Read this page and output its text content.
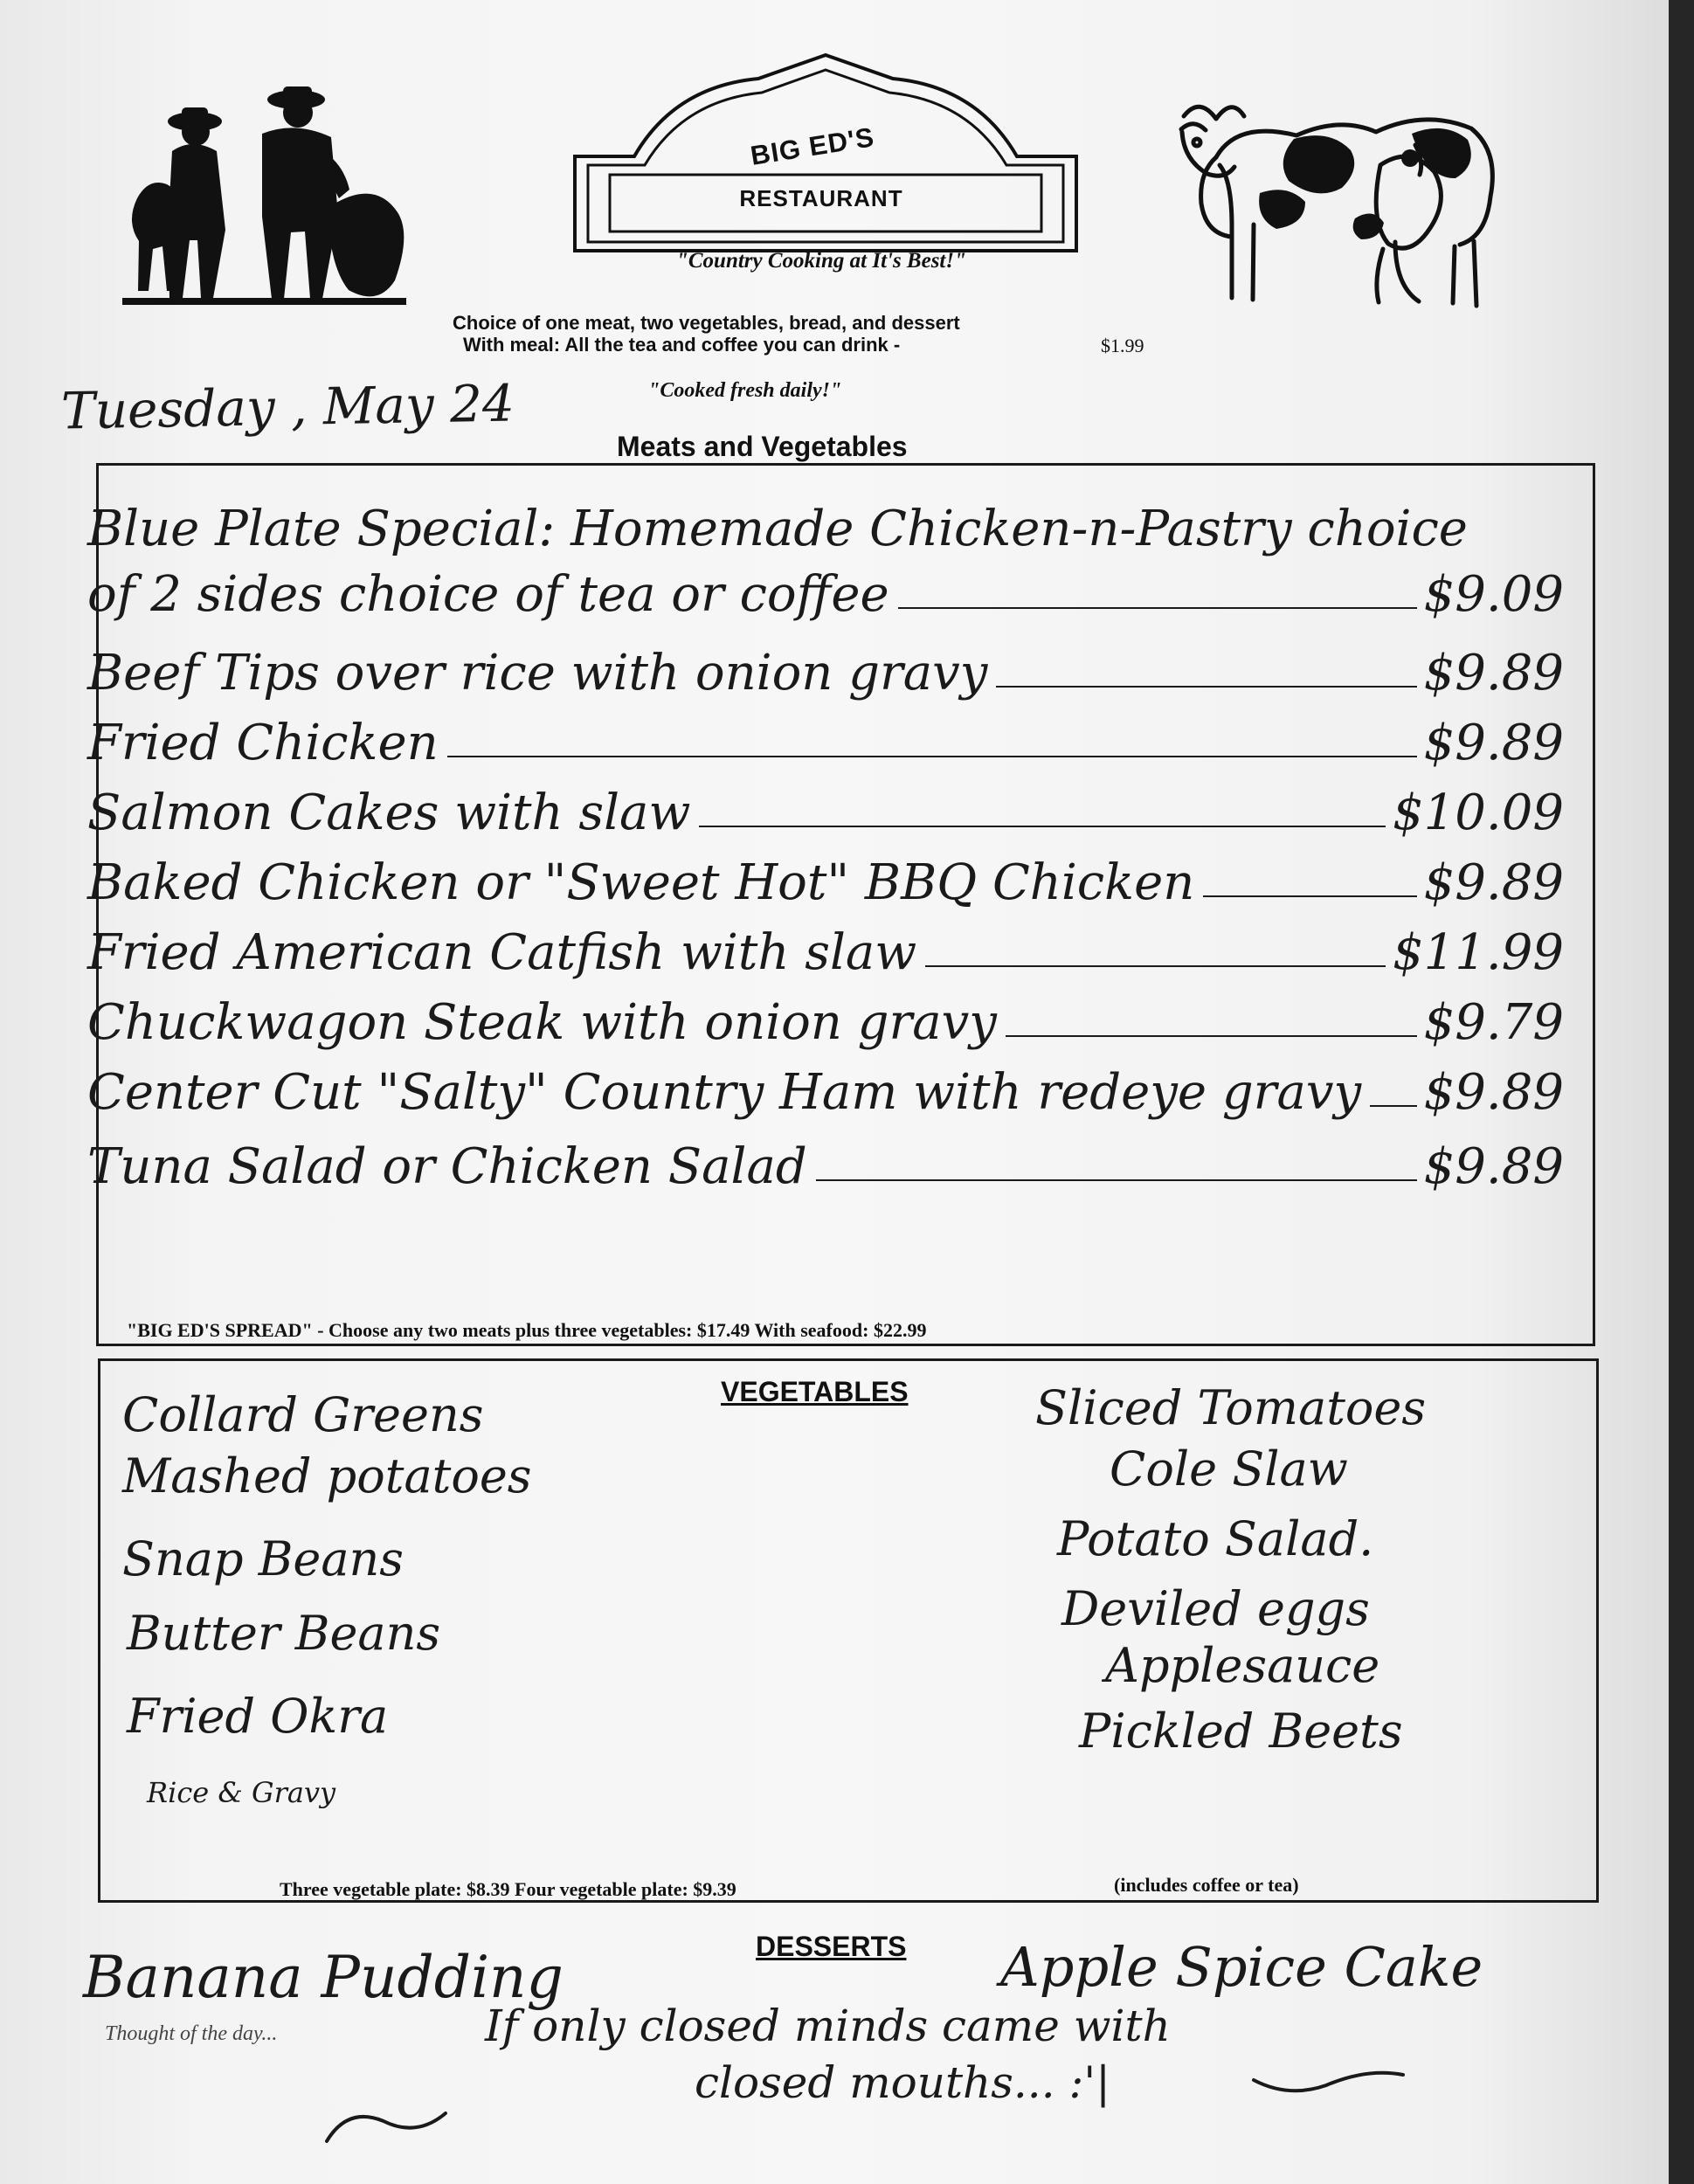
BIG ED'S
RESTAURANT
"Country Cooking at It's Best!"
Choice of one meat, two vegetables, bread, and dessert
With meal: All the tea and coffee you can drink -	$1.99
Tuesday , May 24	"Cooked fresh daily!"
Meats and Vegetables
Blue Plate Special: Homemade Chicken-n-Pastry choice
of 2 sides choice of tea or coffee	$9.09
Beef Tips over rice with onion gravy	$9.89
Fried Chicken	$9.89
Salmon Cakes with slaw	$10.09
Baked Chicken or "Sweet Hot" BBQ Chicken	$9.89
Fried American Catfish with slaw	$11.99
Chuckwagon Steak with onion gravy	$9.79
Center Cut "Salty" Country Ham with redeye gravy $9.89
Tuna Salad or Chicken Salad	$9.89
"BIG ED'S SPREAD" - Choose any two meats plus three vegetables: $17.49 With seafood: $22.99
VEGETABLES
Collard Greens
Mashed potatoes
Snap Beans
Butter Beans
Fried Okra
Rice & Gravy
Sliced Tomatoes
Cole Slaw
Potato Salad.
Deviled eggs
Applesauce
Pickled Beets
Three vegetable plate: $8.39 Four vegetable plate: $9.39	(includes coffee or tea)
DESSERTS
Banana Pudding	Apple Spice Cake
Thought of the day...	If only closed minds came with
closed mouths... :'|
